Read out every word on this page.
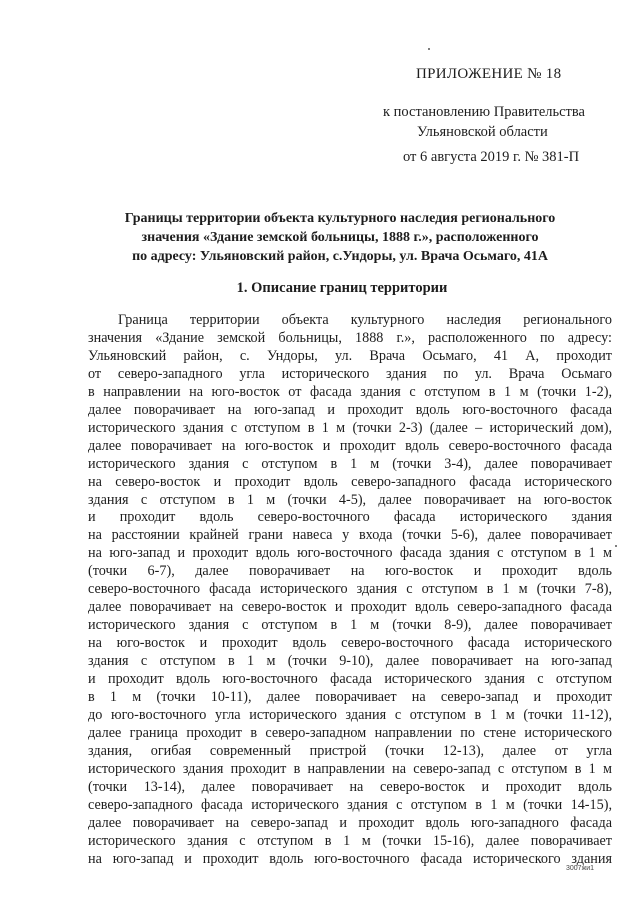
ПРИЛОЖЕНИЕ № 18
к постановлению Правительства
Ульяновской области
от 6 августа 2019 г. № 381-П
Границы территории объекта культурного наследия регионального
значения «Здание земской больницы, 1888 г.», расположенного
по адресу: Ульяновский район, с.Ундоры, ул. Врача Осьмаго, 41А
1. Описание границ территории
Граница территории объекта культурного наследия регионального
значения «Здание земской больницы, 1888 г.», расположенного по адресу:
Ульяновский район, с. Ундоры, ул. Врача Осьмаго, 41 А, проходит
от северо-западного угла исторического здания по ул. Врача Осьмаго
в направлении на юго-восток от фасада здания с отступом в 1 м (точки 1-2),
далее поворачивает на юго-запад и проходит вдоль юго-восточного фасада
исторического здания с отступом в 1 м (точки 2-3) (далее – исторический дом),
далее поворачивает на юго-восток и проходит вдоль северо-восточного фасада
исторического здания с отступом в 1 м (точки 3-4), далее поворачивает
на северо-восток и проходит вдоль северо-западного фасада исторического
здания с отступом в 1 м (точки 4-5), далее поворачивает на юго-восток
и проходит вдоль северо-восточного фасада исторического здания
на расстоянии крайней грани навеса у входа (точки 5-6), далее поворачивает
на юго-запад и проходит вдоль юго-восточного фасада здания с отступом в 1 м
(точки 6-7), далее поворачивает на юго-восток и проходит вдоль
северо-восточного фасада исторического здания с отступом в 1 м (точки 7-8),
далее поворачивает на северо-восток и проходит вдоль северо-западного фасада
исторического здания с отступом в 1 м (точки 8-9), далее поворачивает
на юго-восток и проходит вдоль северо-восточного фасада исторического
здания с отступом в 1 м (точки 9-10), далее поворачивает на юго-запад
и проходит вдоль юго-восточного фасада исторического здания с отступом
в 1 м (точки 10-11), далее поворачивает на северо-запад и проходит
до юго-восточного угла исторического здания с отступом в 1 м (точки 11-12),
далее граница проходит в северо-западном направлении по стене исторического
здания, огибая современный пристрой (точки 12-13), далее от угла
исторического здания проходит в направлении на северо-запад с отступом в 1 м
(точки 13-14), далее поворачивает на северо-восток и проходит вдоль
северо-западного фасада исторического здания с отступом в 1 м (точки 14-15),
далее поворачивает на северо-запад и проходит вдоль юго-западного фасада
исторического здания с отступом в 1 м (точки 15-16), далее поворачивает
на юго-запад и проходит вдоль юго-восточного фасада исторического здания
3007жи1
